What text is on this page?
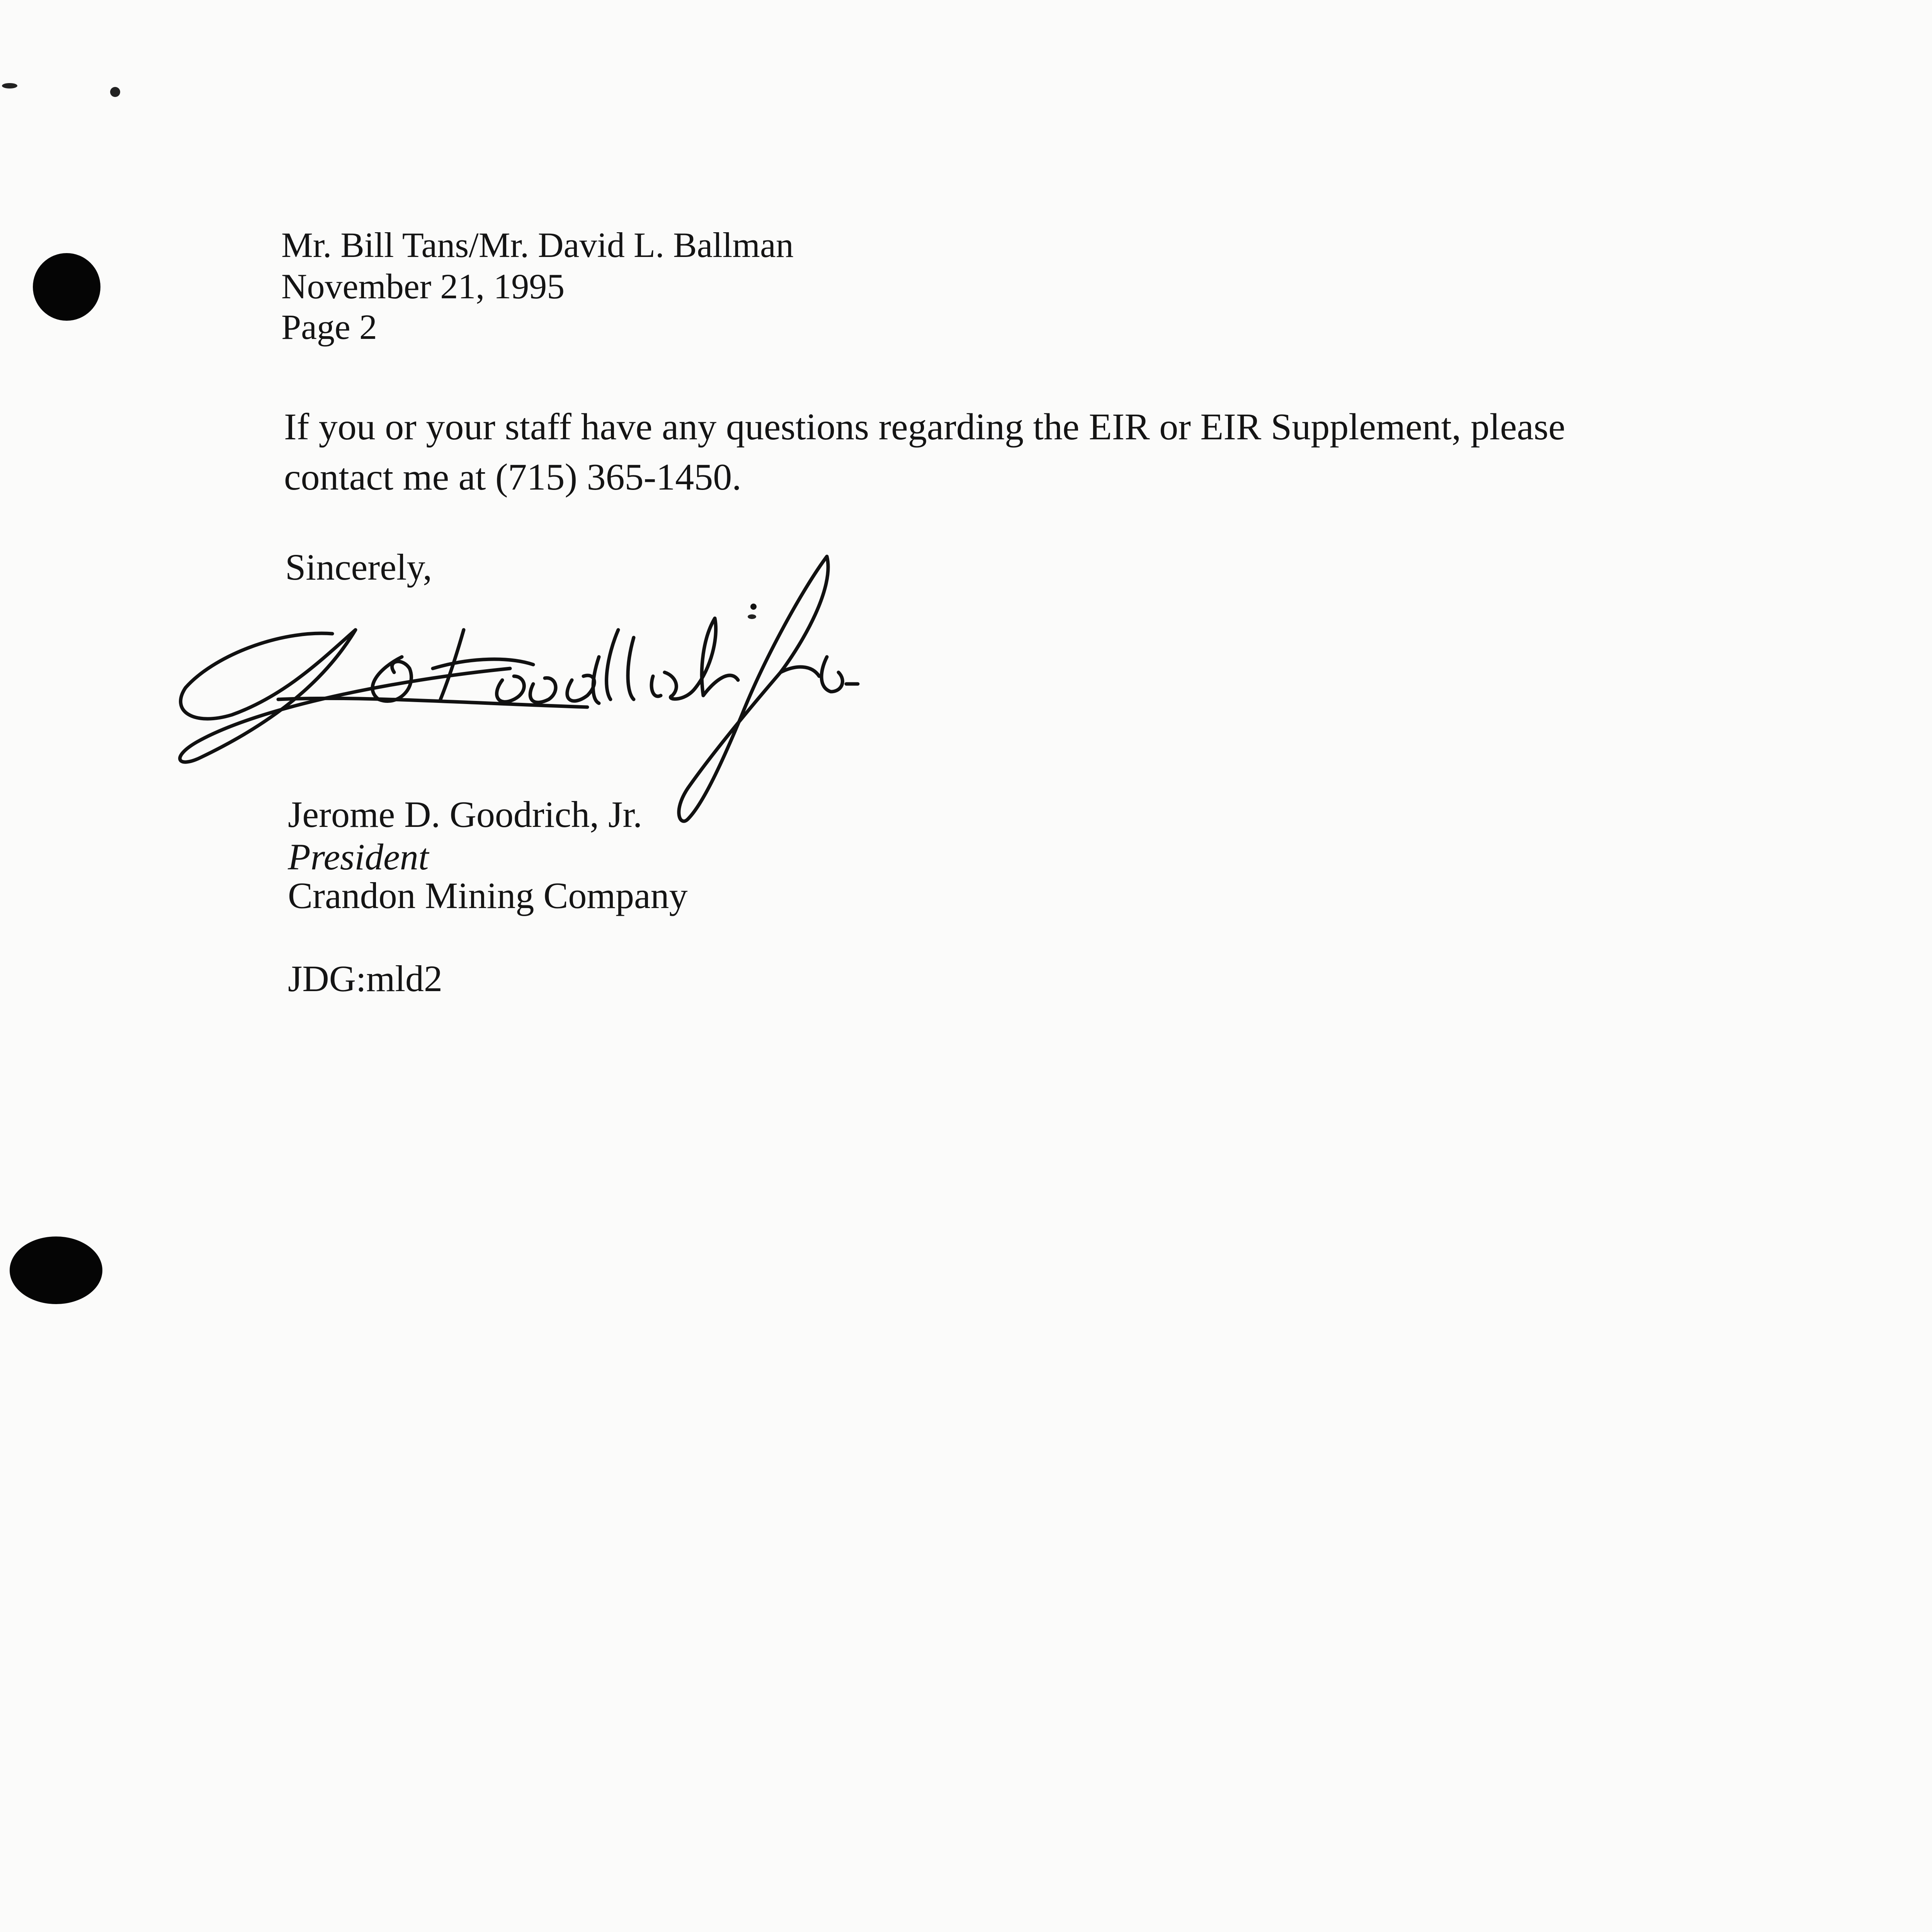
Mr. Bill Tans/Mr. David L. Ballman
November 21, 1995
Page 2
If you or your staff have any questions regarding the EIR or EIR Supplement, please contact me at (715) 365-1450.
Sincerely,
Jerome D. Goodrich, Jr.
President
Crandon Mining Company
JDG:mld2
